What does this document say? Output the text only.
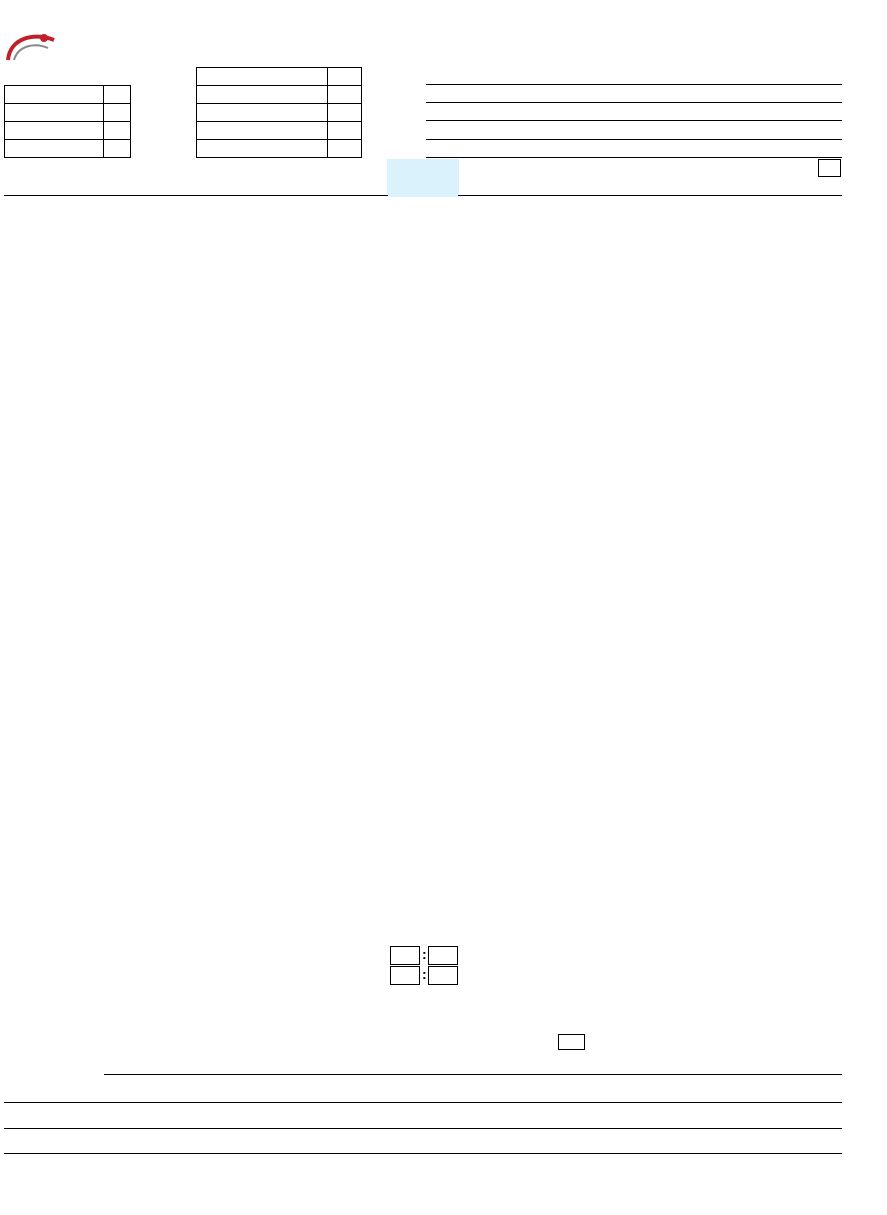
:
:
